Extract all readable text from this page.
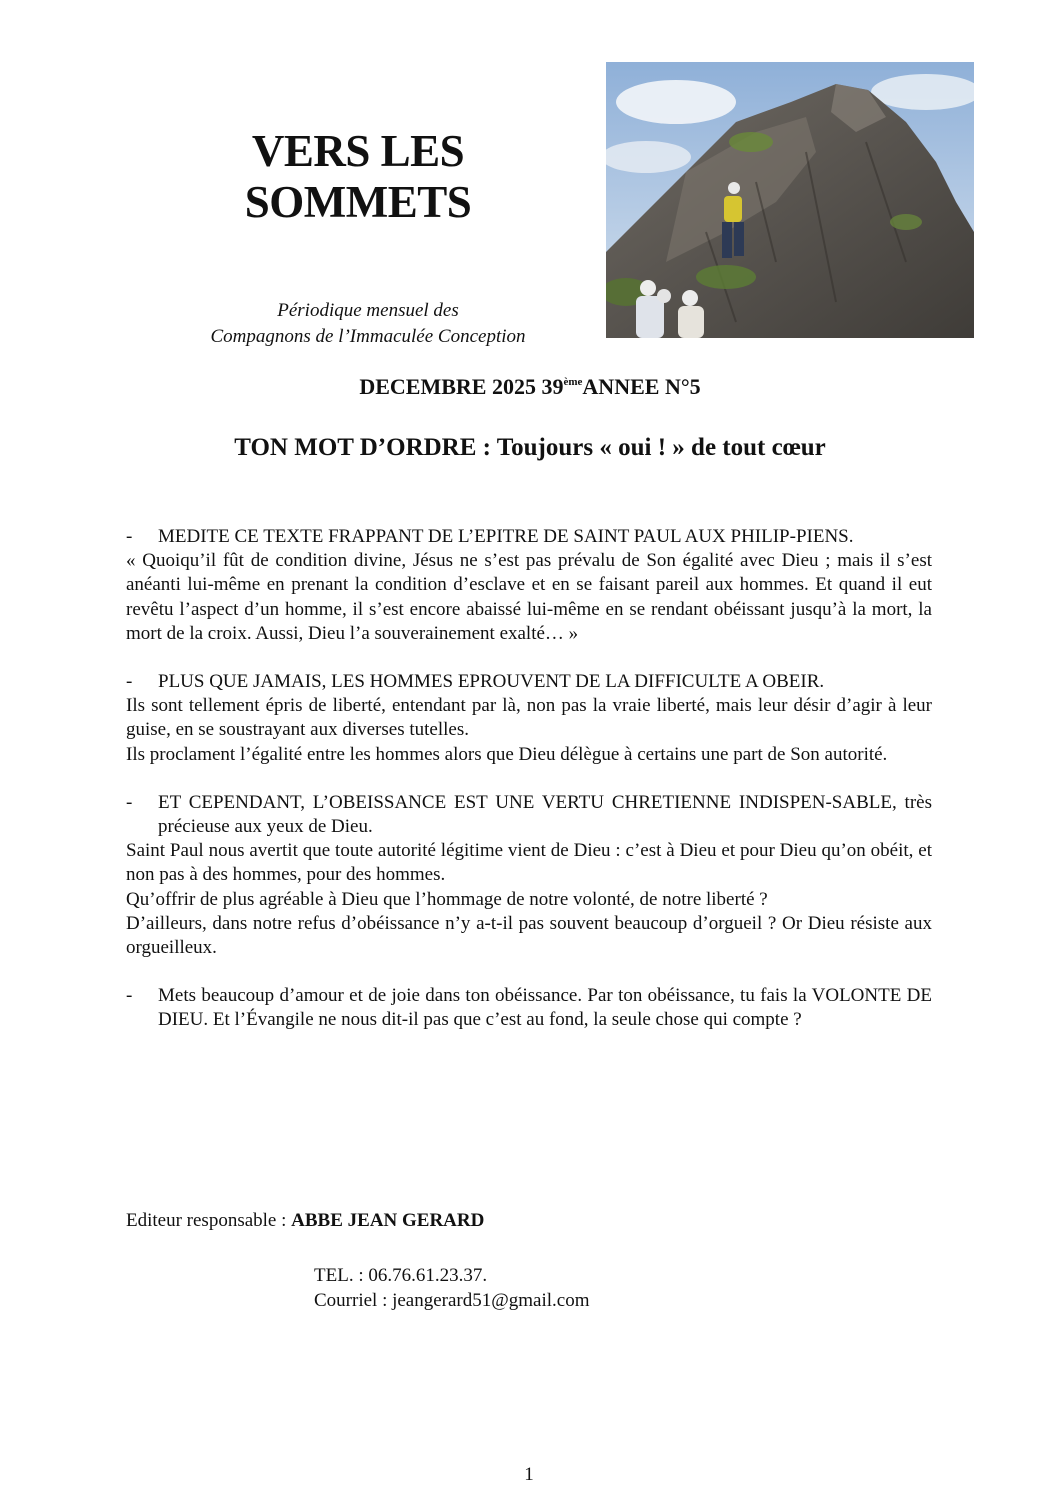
VERS LES
SOMMETS
Périodique mensuel des
Compagnons de l’Immaculée Conception
DECEMBRE 2025 39èmeANNEE N°5
TON MOT D’ORDRE : Toujours « oui ! » de tout cœur
-	MEDITE CE TEXTE FRAPPANT DE L’EPITRE DE SAINT PAUL AUX PHILIP-PIENS.
« Quoiqu’il fût de condition divine, Jésus ne s’est pas prévalu de Son égalité avec Dieu ; mais il s’est anéanti lui-même en prenant la condition d’esclave et en se faisant pareil aux hommes. Et quand il eut revêtu l’aspect d’un homme, il s’est encore abaissé lui-même en se rendant obéissant jusqu’à la mort, la mort de la croix. Aussi, Dieu l’a souverainement exalté… »
-	PLUS QUE JAMAIS, LES HOMMES EPROUVENT DE LA DIFFICULTE A OBEIR.
Ils sont tellement épris de liberté, entendant par là, non pas la vraie liberté, mais leur désir d’agir à leur guise, en se soustrayant aux diverses tutelles.
Ils proclament l’égalité entre les hommes alors que Dieu délègue à certains une part de Son autorité.
-	ET CEPENDANT, L’OBEISSANCE EST UNE VERTU CHRETIENNE INDISPEN-SABLE, très précieuse aux yeux de Dieu.
Saint Paul nous avertit que toute autorité légitime vient de Dieu : c’est à Dieu et pour Dieu qu’on obéit, et non pas à des hommes, pour des hommes.
Qu’offrir de plus agréable à Dieu que l’hommage de notre volonté, de notre liberté ?
D’ailleurs, dans notre refus d’obéissance n’y a-t-il pas souvent beaucoup d’orgueil ? Or Dieu résiste aux orgueilleux.
-	Mets beaucoup d’amour et de joie dans ton obéissance. Par ton obéissance, tu fais la VOLONTE DE DIEU. Et l’Évangile ne nous dit-il pas que c’est au fond, la seule chose qui compte ?
Editeur responsable : ABBE JEAN GERARD
TEL. : 06.76.61.23.37.
Courriel : jeangerard51@gmail.com
1
